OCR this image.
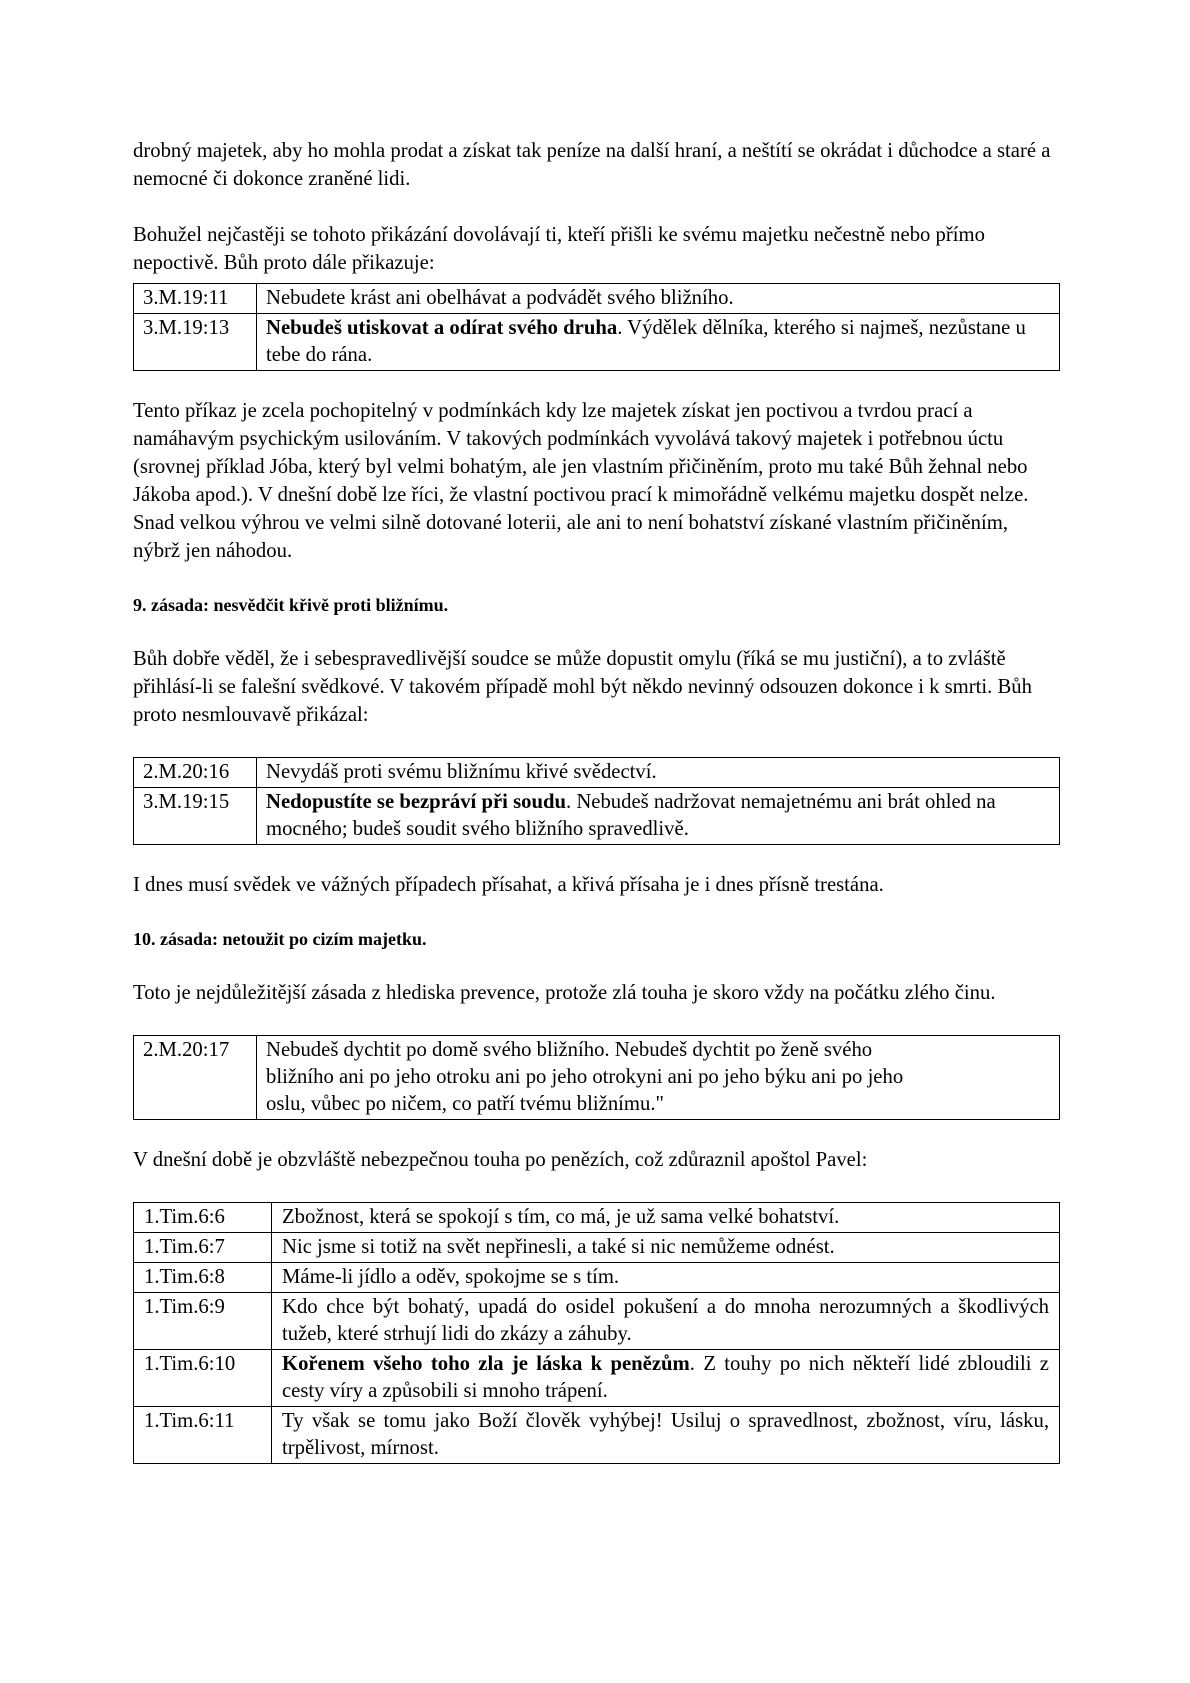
drobný majetek, aby ho mohla prodat a získat tak peníze na další hraní, a neštítí se okrádat i důchodce a staré a nemocné či dokonce zraněné lidi.

Bohužel nejčastěji se tohoto přikázání dovolávají ti, kteří přišli ke svému majetku nečestně nebo přímo nepoctivě. Bůh proto dále přikazuje:

3.M.19:11	Nebudete krást ani obelhávat a podvádět svého bližního.
3.M.19:13	Nebudeš utiskovat a odírat svého druha. Výdělek dělníka, kterého si najmeš, nezůstane u tebe do rána.

Tento příkaz je zcela pochopitelný v podmínkách kdy lze majetek získat jen poctivou a tvrdou prací a namáhavým psychickým usilováním. V takových podmínkách vyvolává takový majetek i potřebnou úctu (srovnej příklad Jóba, který byl velmi bohatým, ale jen vlastním přičiněním, proto mu také Bůh žehnal nebo Jákoba apod.). V dnešní době lze říci, že vlastní poctivou prací k mimořádně velkému majetku dospět nelze. Snad velkou výhrou ve velmi silně dotované loterii, ale ani to není bohatství získané vlastním přičiněním, nýbrž jen náhodou.

9. zásada: nesvědčit křivě proti bližnímu.

Bůh dobře věděl, že i sebespravedlivější soudce se může dopustit omylu (říká se mu justiční), a to zvláště přihlásí-li se falešní svědkové. V takovém případě mohl být někdo nevinný odsouzen dokonce i k smrti. Bůh proto nesmlouvavě přikázal:

2.M.20:16	Nevydáš proti svému bližnímu křivé svědectví.
3.M.19:15	Nedopustíte se bezpráví při soudu. Nebudeš nadržovat nemajetnému ani brát ohled na mocného; budeš soudit svého bližního spravedlivě.

I dnes musí svědek ve vážných případech přísahat, a křivá přísaha je i dnes přísně trestána.

10. zásada: netoužit po cizím majetku.

Toto je nejdůležitější zásada z hlediska prevence, protože zlá touha je skoro vždy na počátku zlého činu.

2.M.20:17	Nebudeš dychtit po domě svého bližního. Nebudeš dychtit po ženě svého
bližního ani po jeho otroku ani po jeho otrokyni ani po jeho býku ani po jeho
oslu, vůbec po ničem, co patří tvému bližnímu."

V dnešní době je obzvláště nebezpečnou touha po penězích, což zdůraznil apoštol Pavel:

1.Tim.6:6	Zbožnost, která se spokojí s tím, co má, je už sama velké bohatství.
1.Tim.6:7	Nic jsme si totiž na svět nepřinesli, a také si nic nemůžeme odnést.
1.Tim.6:8	Máme-li jídlo a oděv, spokojme se s tím.
1.Tim.6:9	Kdo chce být bohatý, upadá do osidel pokušení a do mnoha nerozumných a škodlivých tužeb, které strhují lidi do zkázy a záhuby.
1.Tim.6:10	Kořenem všeho toho zla je láska k penězům. Z touhy po nich někteří lidé zbloudili z cesty víry a způsobili si mnoho trápení.
1.Tim.6:11	Ty však se tomu jako Boží člověk vyhýbej! Usiluj o spravedlnost, zbožnost, víru, lásku, trpělivost, mírnost.
